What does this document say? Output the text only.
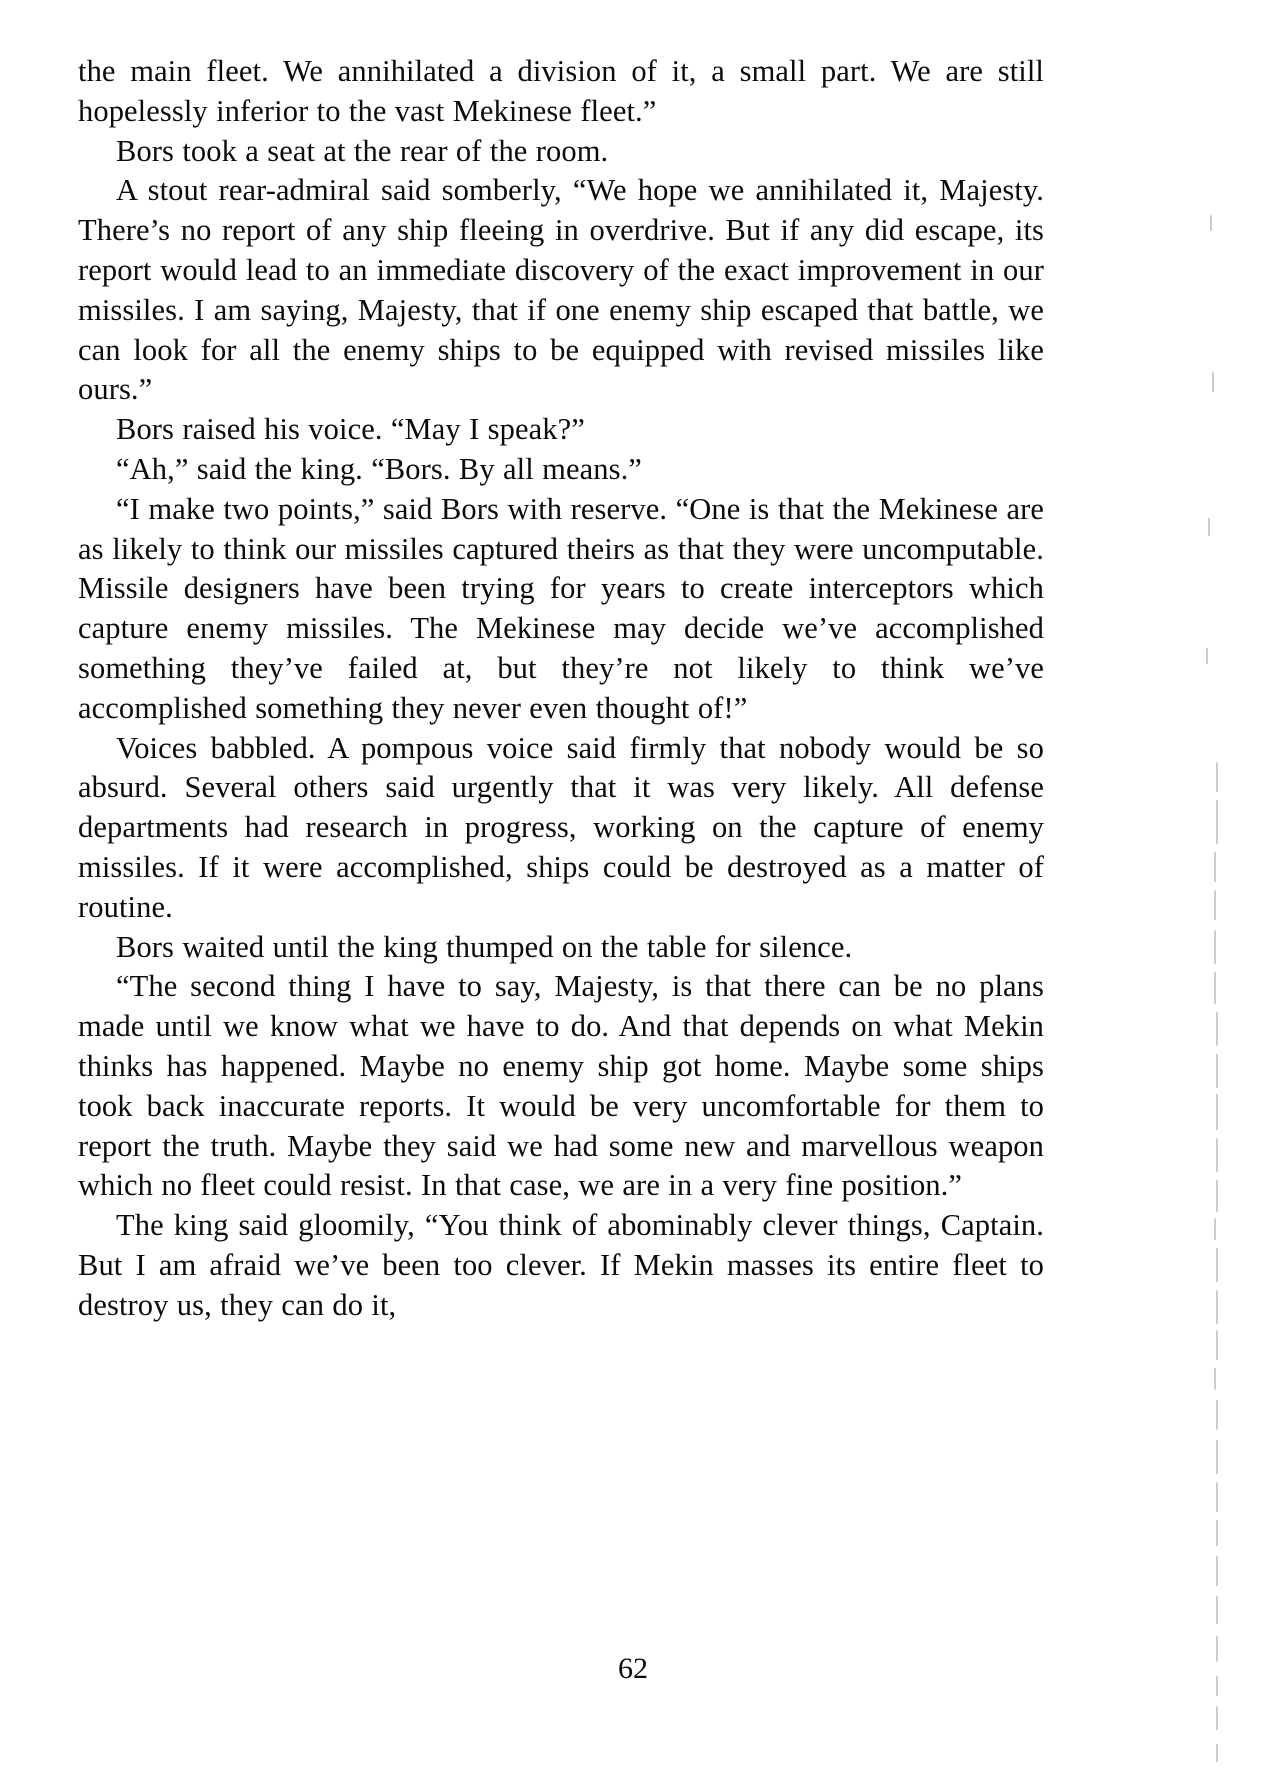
the main fleet. We annihilated a division of it, a small part. We are still hopelessly inferior to the vast Mekinese fleet.”

Bors took a seat at the rear of the room.

A stout rear-admiral said somberly, “We hope we annihilated it, Majesty. There’s no report of any ship fleeing in overdrive. But if any did escape, its report would lead to an immediate discovery of the exact improvement in our missiles. I am saying, Majesty, that if one enemy ship escaped that battle, we can look for all the enemy ships to be equipped with revised missiles like ours.”

Bors raised his voice. “May I speak?”

“Ah,” said the king. “Bors. By all means.”

“I make two points,” said Bors with reserve. “One is that the Mekinese are as likely to think our missiles captured theirs as that they were uncomputable. Missile designers have been trying for years to create interceptors which capture enemy missiles. The Mekinese may decide we’ve accomplished something they’ve failed at, but they’re not likely to think we’ve accomplished something they never even thought of!”

Voices babbled. A pompous voice said firmly that nobody would be so absurd. Several others said urgently that it was very likely. All defense departments had research in progress, working on the capture of enemy missiles. If it were accomplished, ships could be destroyed as a matter of routine.

Bors waited until the king thumped on the table for silence.

“The second thing I have to say, Majesty, is that there can be no plans made until we know what we have to do. And that depends on what Mekin thinks has happened. Maybe no enemy ship got home. Maybe some ships took back inaccurate reports. It would be very uncomfortable for them to report the truth. Maybe they said we had some new and marvellous weapon which no fleet could resist. In that case, we are in a very fine position.”

The king said gloomily, “You think of abominably clever things, Captain. But I am afraid we’ve been too clever. If Mekin masses its entire fleet to destroy us, they can do it,

62
